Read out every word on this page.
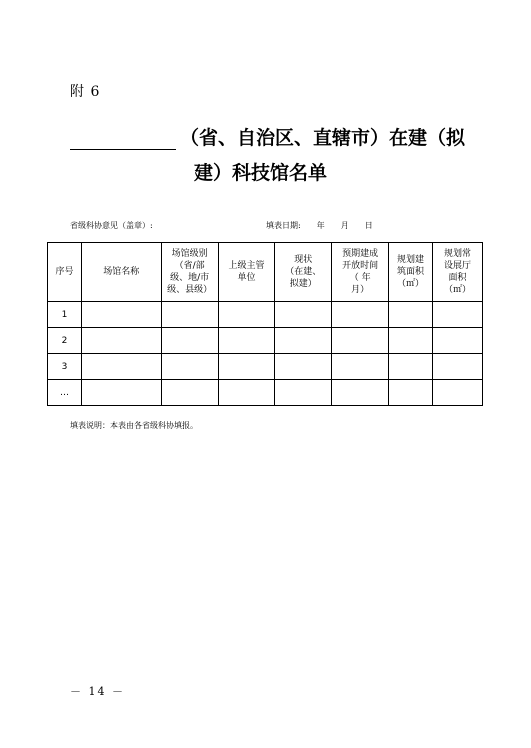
附 6
（省、自治区、直辖市）在建（拟
建）科技馆名单
省级科协意见（盖章）:	填表日期:　　年　　月　　日
序号	场馆名称	场馆级别
（省/部
级、地/市
级、县级）	上级主管
单位	现状
（在建、
拟建）	预期建成
开放时间
（ 年
月）	规划建
筑面积
（㎡）	规划常
设展厅
面积
（㎡）
1							
2							
3							
…							
填表说明：本表由各省级科协填报。
－ 14 －
